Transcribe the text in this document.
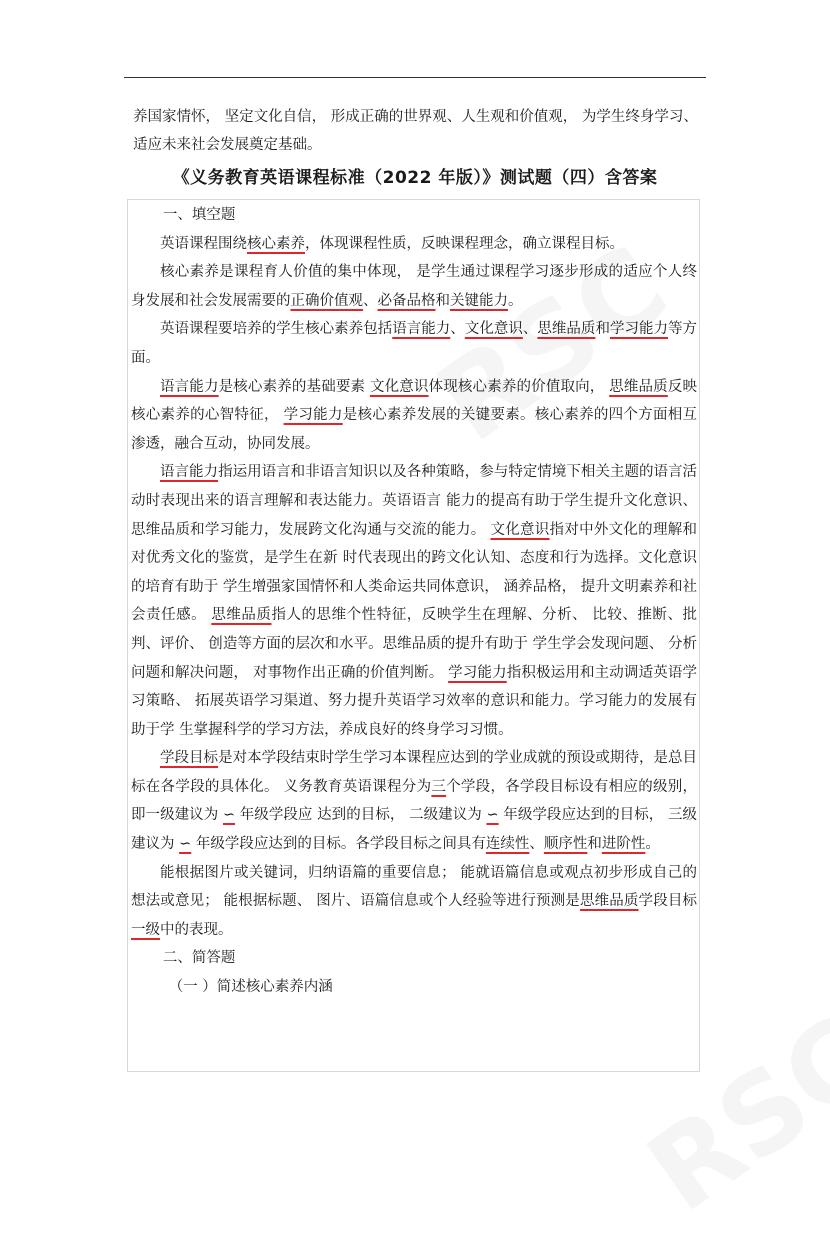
养国家情怀， 坚定文化自信， 形成正确的世界观、人生观和价值观， 为学生终身学习、适应未来社会发展奠定基础。
《义务教育英语课程标准（2022 年版）》测试题（四）含答案

一、填空题

英语课程围绕核心素养，体现课程性质，反映课程理念，确立课程目标。

核心素养是课程育人价值的集中体现， 是学生通过课程学习逐步形成的适应个人终身发展和社会发展需要的正确价值观、必备品格和关键能力。

英语课程要培养的学生核心素养包括语言能力、文化意识、思维品质和学习能力等方面。

语言能力是核心素养的基础要素 文化意识体现核心素养的价值取向， 思维品质反映核心素养的心智特征， 学习能力是核心素养发展的关键要素。核心素养的四个方面相互渗透，融合互动，协同发展。

语言能力指运用语言和非语言知识以及各种策略，参与特定情境下相关主题的语言活动时表现出来的语言理解和表达能力。英语语言 能力的提高有助于学生提升文化意识、思维品质和学习能力，发展跨文化沟通与交流的能力。 文化意识指对中外文化的理解和对优秀文化的鉴赏，是学生在新 时代表现出的跨文化认知、态度和行为选择。文化意识的培育有助于 学生增强家国情怀和人类命运共同体意识， 涵养品格， 提升文明素养和社会责任感。 思维品质指人的思维个性特征，反映学生在理解、分析、 比较、推断、批判、评价、 创造等方面的层次和水平。思维品质的提升有助于 学生学会发现问题、 分析问题和解决问题， 对事物作出正确的价值判断。 学习能力指积极运用和主动调适英语学习策略、 拓展英语学习渠道、努力提升英语学习效率的意识和能力。学习能力的发展有助于学 生掌握科学的学习方法，养成良好的终身学习习惯。

学段目标是对本学段结束时学生学习本课程应达到的学业成就的预设或期待，是总目标在各学段的具体化。 义务教育英语课程分为三个学段，各学段目标设有相应的级别，即一级建议为 ∽ 年级学段应 达到的目标， 二级建议为 ∽ 年级学段应达到的目标， 三级建议为 ∽ 年级学段应达到的目标。各学段目标之间具有连续性、顺序性和进阶性。

能根据图片或关键词，归纳语篇的重要信息； 能就语篇信息或观点初步形成自己的想法或意见； 能根据标题、 图片、语篇信息或个人经验等进行预测是思维品质学段目标一级中的表现。

二、简答题

（一 ）简述核心素养内涵
